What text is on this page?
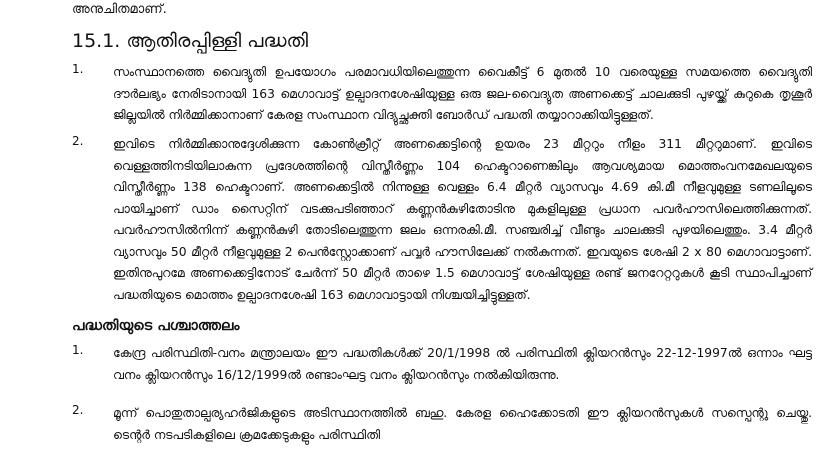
അനുചിതമാണ്.
15.1. ആതിരപ്പിള്ളി പദ്ധതി
1. സംസ്ഥാനത്തെ വൈദ്യുതി ഉപയോഗം പരമാവധിയിലെത്തുന്ന വൈകീട്ട് 6 മുതൽ 10 വരെയുള്ള സമയത്തെ വൈദ്യുതി ദൗർലഭ്യം നേരിടാനായി 163 മെഗാവാട്ട് ഉല്പാദനശേഷിയുള്ള ഒരു ജല-വൈദ്യുത അണക്കെട്ട് ചാലക്കുടി പുഴയ്ക്ക് കുറുകെ തൃശൂർ ജില്ലയിൽ നിർമ്മിക്കാനാണ് കേരള സംസ്ഥാന വിദ്യുച്ഛക്തി ബോർഡ് പദ്ധതി തയ്യാറാക്കിയിട്ടുള്ളത്.
2. ഇവിടെ നിർമ്മിക്കാനുദ്ദേശിക്കുന്ന കോൺക്രീറ്റ് അണക്കെട്ടിന്റെ ഉയരം 23 മീറ്ററും നീളം 311 മീറ്ററുമാണ്. ഇവിടെ വെള്ളത്തിനടിയിലാകുന്ന പ്രദേശത്തിന്റെ വിസ്തീർണ്ണം 104 ഹെക്ടറാണെങ്കിലും ആവശ്യമായ മൊത്തംവനമേഖലയുടെ വിസ്തീർണ്ണം 138 ഹെക്ടറാണ്. അണക്കെട്ടിൽ നിന്നുള്ള വെള്ളം 6.4 മീറ്റർ വ്യാസവും 4.69 കി.മീ നീളവുമുള്ള ടണലിലൂടെ പായിച്ചാണ് ഡാം സൈറ്റിന് വടക്കുപടിഞ്ഞാറ് കണ്ണൻകുഴിതോടിനു മുകളിലുള്ള പ്രധാന പവർഹൗസിലെത്തിക്കുന്നത്. പവർഹൗസിൽനിന്ന് കണ്ണൻകുഴി തോടിലെത്തുന്ന ജലം ഒന്നരകി.മീ. സഞ്ചരിച്ച് വീണ്ടും ചാലക്കുടി പുഴയിലെത്തും. 3.4 മീറ്റർ വ്യാസവും 50 മീറ്റർ നീളവുമുള്ള 2 പെൻസ്റ്റോക്കാണ് പവ്വർ ഹൗസിലേക്ക് നൽകുന്നത്. ഇവയുടെ ശേഷി 2 x 80 മെഗാവാട്ടാണ്. ഇതിനുപുറമേ അണക്കെട്ടിനോട് ചേർന്ന് 50 മീറ്റർ താഴെ 1.5 മെഗാവാട്ട് ശേഷിയുള്ള രണ്ട് ജനറേറ്ററുകൾ കൂടി സ്ഥാപിച്ചാണ് പദ്ധതിയുടെ മൊത്തം ഉല്പാദനശേഷി 163 മെഗാവാട്ടായി നിശ്ചയിച്ചിട്ടുള്ളത്.
പദ്ധതിയുടെ പശ്ചാത്തലം
1. കേന്ദ്ര പരിസ്ഥിതി-വനം മന്ത്രാലയം ഈ പദ്ധതികൾക്ക് 20/1/1998 ൽ പരിസ്ഥിതി ക്ലിയറൻസും 22-12-1997ൽ ഒന്നാം ഘട്ട വനം ക്ലിയറൻസും 16/12/1999ൽ രണ്ടാംഘട്ട വനം ക്ലിയറൻസും നൽകിയിരുന്നു.
2. മൂന്ന് പൊതുതാല്പര്യഹർജികളുടെ അടിസ്ഥാനത്തിൽ ബഹു. കേരള ഹൈക്കോടതി ഈ ക്ലിയറൻസുകൾ സസ്പെന്റു ചെയ്തു. ടെന്റർ നടപടികളിലെ ക്രമക്കേടുകളും പരിസ്ഥിതി
